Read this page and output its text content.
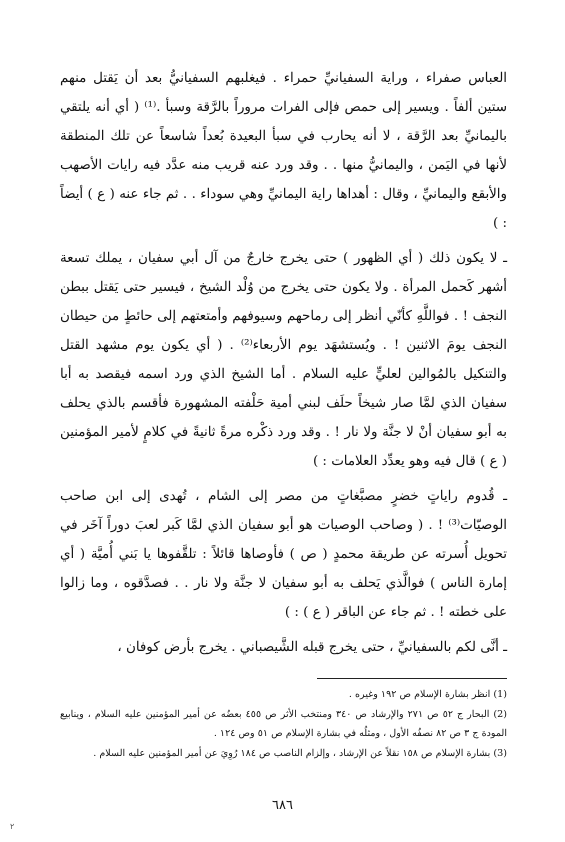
العباس صفراء ، وراية السفيانيِّ حمراء . فيغلبهم السفيانيُّ بعد أن يَقتل منهم ستين ألفاً . ويسير إلى حمص فإلى الفرات مروراً بالرَّقة وسبأ .⁽¹⁾ ( أي أنه يلتقي باليمانيِّ بعد الرَّقة ، لا أنه يحارب في سبأ البعيدة بُعداً شاسعاً عن تلك المنطقة لأنها في اليَمن ، واليمانيُّ منها . . وقد ورد عنه قريب منه عدَّد فيه رايات الأصهب والأبقع واليمانيِّ ، وقال : أهداها راية اليمانيِّ وهي سوداء . . ثم جاء عنه ( ع ) أيضاً : )

ـ لا يكون ذلك ( أي الظهور ) حتى يخرج خارجٌ من آل أبي سفيان ، يملك تسعة أشهر كَحمل المرأة . ولا يكون حتى يخرج من وُلْد الشيخ ، فيسير حتى يَقتل ببطن النجف ! . فواللَّهِ كأنّي أنظر إلى رماحهم وسيوفهم وأمتعتهم إلى حائطٍ من حيطان النجف يومَ الاثنين ! . ويُستشهَد يوم الأربعاء⁽²⁾ . ( أي يكون يوم مشهد القتل والتنكيل بالمُوالين لعليٍّ عليه السلام . أما الشيخ الذي ورد اسمه فيقصد به أبا سفيان الذي لمَّا صار شيخاً حلَف لبني أمية حَلْفته المشهورة فأقسم بالذي يحلف به أبو سفيان أنْ لا جنَّة ولا نار ! . وقد ورد ذكْره مرةً ثانيةً في كلامٍ لأمير المؤمنين ( ع ) قال فيه وهو يعدِّد العلامات : )

ـ قُدوم راياتٍ خضرٍ مصبَّغاتٍ من مصر إلى الشام ، تُهدى إلى ابن صاحب الوصيّات⁽³⁾ ! . ( وصاحب الوصيات هو أبو سفيان الذي لمَّا كَبر لعبَ دوراً آخَر في تحويل أُسرته عن طريقة محمدٍ ( ص ) فأوصاها قائلاً : تلقَّفوها يا بَني أُميَّة ( أي إمارة الناس ) فوالَّذي يَحلف به أبو سفيان لا جنَّة ولا نار . . فصدَّقوه ، وما زالوا على خطته ! . ثم جاء عن الباقر ( ع ) : )

ـ أنَّى لكم بالسفيانيِّ ، حتى يخرج قبله الشَّيصباني . يخرج بأرض كوفان ،

(1) انظر بشارة الإسلام ص ١٩٢ وغيره .

(2) البحار ج ٥٢ ص ٢٧١ والإرشاد ص ٣٤٠ ومنتخب الأثر ص ٤٥٥ بعضُه عن أمير المؤمنين عليه السلام ، وينابيع المودة ج ٣ ص ٨٢ نصفُه الأول ، ومثلُه في بشارة الإسلام ص ٥١ وص ١٢٤ .

(3) بشارة الإسلام ص ١٥٨ نقلاً عن الإرشاد ، وإلزام الناصب ص ١٨٤ رُوِيَ عن أمير المؤمنين عليه السلام .

٦٨٦
٢
